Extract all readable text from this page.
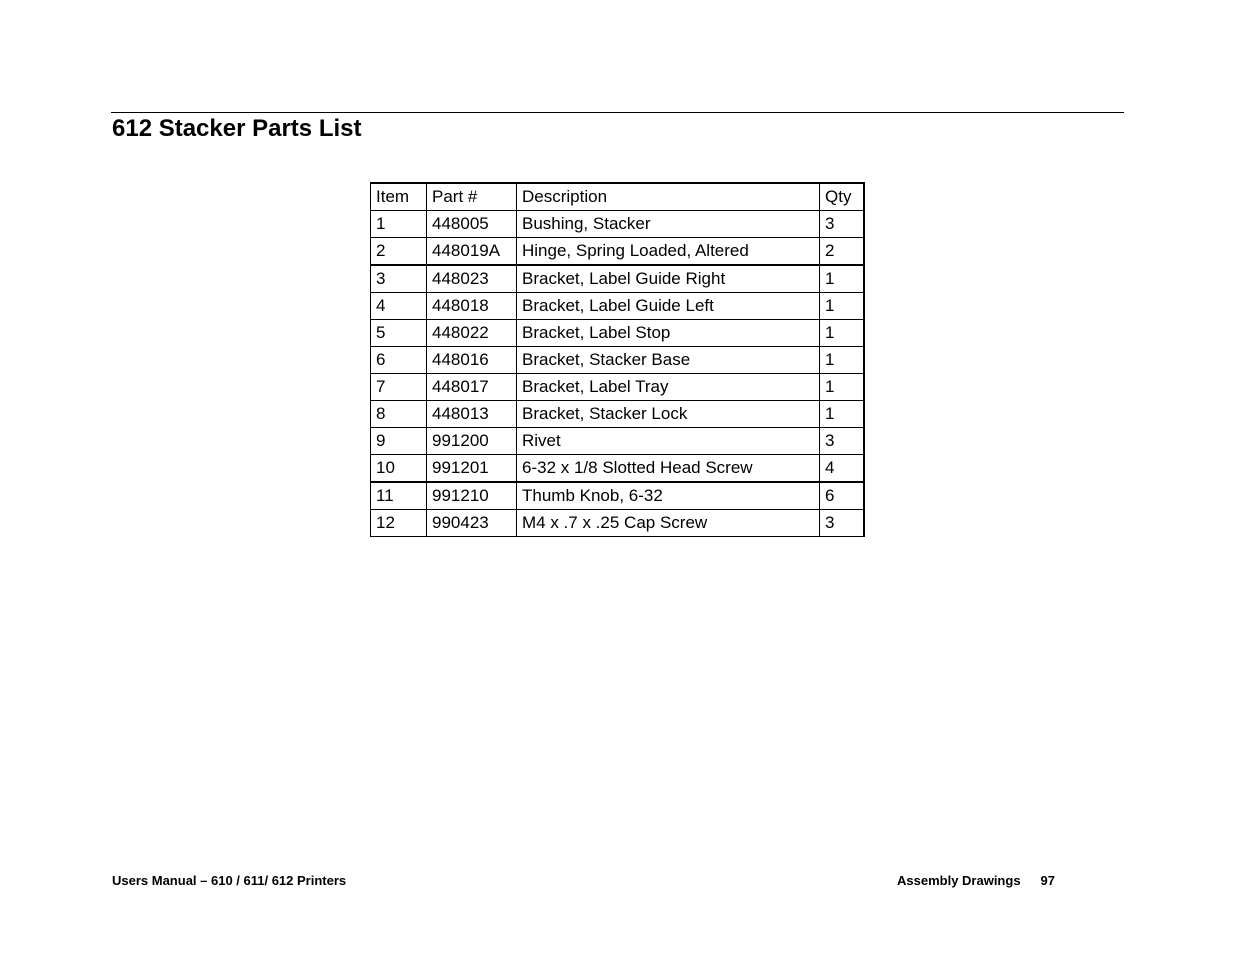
612 Stacker Parts List
Item	Part #	Description	Qty
1	448005	Bushing, Stacker	3
2	448019A	Hinge, Spring Loaded, Altered	2
3	448023	Bracket, Label Guide Right	1
4	448018	Bracket, Label Guide Left	1
5	448022	Bracket, Label Stop	1
6	448016	Bracket, Stacker Base	1
7	448017	Bracket, Label Tray	1
8	448013	Bracket, Stacker Lock	1
9	991200	Rivet	3
10	991201	6-32 x 1/8 Slotted Head Screw	4
11	991210	Thumb Knob, 6-32	6
12	990423	M4 x .7 x .25 Cap Screw	3
Users Manual – 610 / 611/ 612 Printers	Assembly Drawings 97
